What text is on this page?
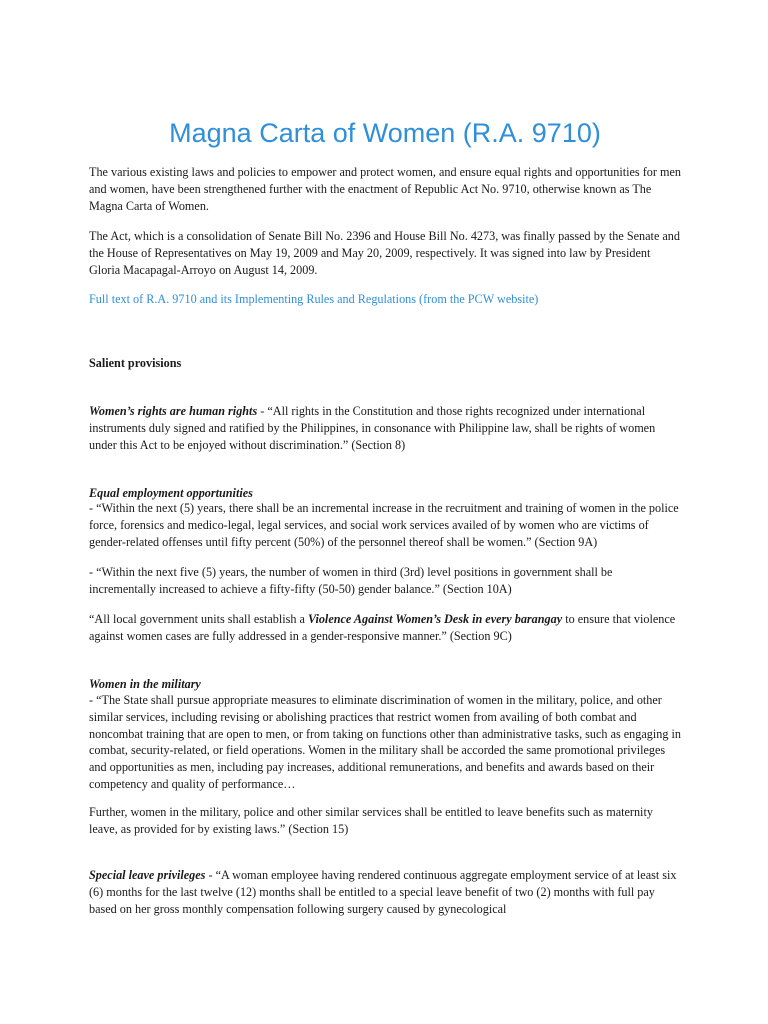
Magna Carta of Women (R.A. 9710)

The various existing laws and policies to empower and protect women, and ensure equal rights and opportunities for men and women, have been strengthened further with the enactment of Republic Act No. 9710, otherwise known as The Magna Carta of Women.

The Act, which is a consolidation of Senate Bill No. 2396 and House Bill No. 4273, was finally passed by the Senate and the House of Representatives on May 19, 2009 and May 20, 2009, respectively. It was signed into law by President Gloria Macapagal-Arroyo on August 14, 2009.

Full text of R.A. 9710 and its Implementing Rules and Regulations (from the PCW website)

Salient provisions

Women’s rights are human rights - “All rights in the Constitution and those rights recognized under international instruments duly signed and ratified by the Philippines, in consonance with Philippine law, shall be rights of women under this Act to be enjoyed without discrimination.” (Section 8)

Equal employment opportunities

- “Within the next (5) years, there shall be an incremental increase in the recruitment and training of women in the police force, forensics and medico-legal, legal services, and social work services availed of by women who are victims of gender-related offenses until fifty percent (50%) of the personnel thereof shall be women.” (Section 9A)

- “Within the next five (5) years, the number of women in third (3rd) level positions in government shall be incrementally increased to achieve a fifty-fifty (50-50) gender balance.” (Section 10A)

“All local government units shall establish a Violence Against Women’s Desk in every barangay to ensure that violence against women cases are fully addressed in a gender-responsive manner.” (Section 9C)

Women in the military

- “The State shall pursue appropriate measures to eliminate discrimination of women in the military, police, and other similar services, including revising or abolishing practices that restrict women from availing of both combat and noncombat training that are open to men, or from taking on functions other than administrative tasks, such as engaging in combat, security-related, or field operations. Women in the military shall be accorded the same promotional privileges and opportunities as men, including pay increases, additional remunerations, and benefits and awards based on their competency and quality of performance…

Further, women in the military, police and other similar services shall be entitled to leave benefits such as maternity leave, as provided for by existing laws.” (Section 15)

Special leave privileges - “A woman employee having rendered continuous aggregate employment service of at least six (6) months for the last twelve (12) months shall be entitled to a special leave benefit of two (2) months with full pay based on her gross monthly compensation following surgery caused by gynecological
